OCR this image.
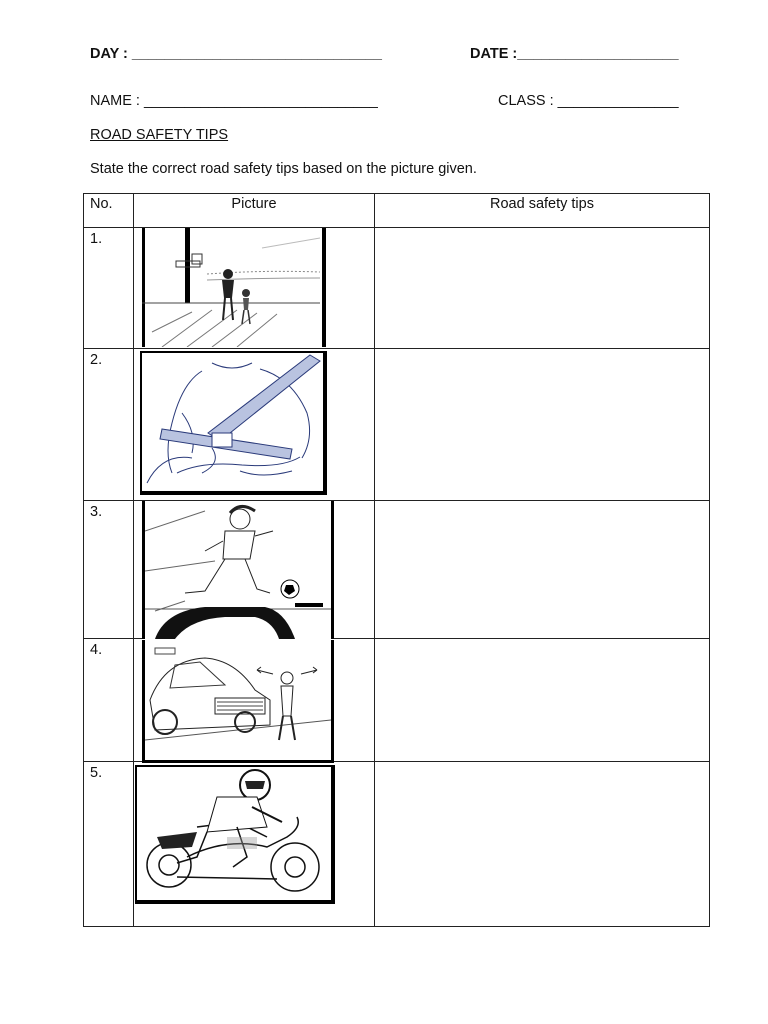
DAY : _______________________________	DATE :____________________
NAME : _____________________________	CLASS : _______________
ROAD SAFETY TIPS
State the correct road safety tips based on the picture given.
No.	Picture	Road safety tips
1.	

2.	

3.	

4.	

5.	
